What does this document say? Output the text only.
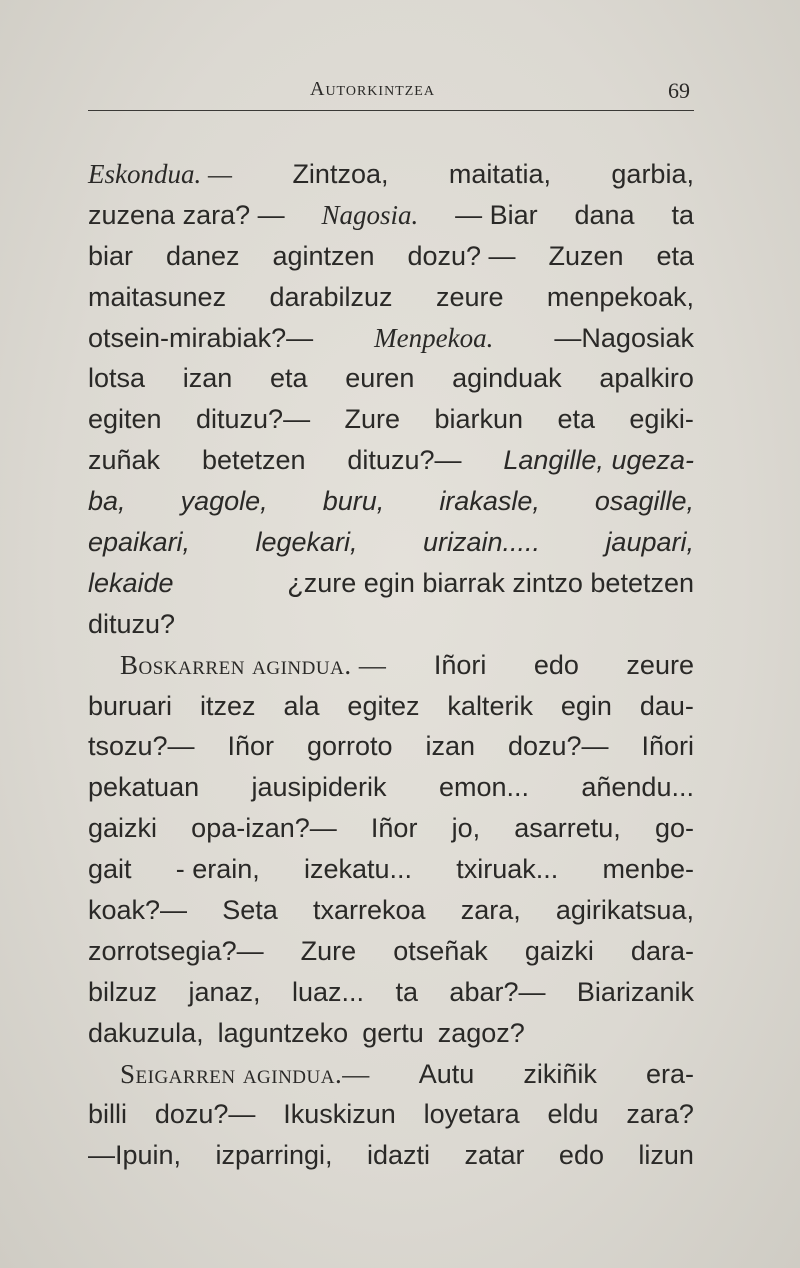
Autorkintzea	69
Eskondua. — Zintzoa, maitatia, garbia,
zuzena zara? — Nagosia. — Biar dana ta
biar danez agintzen dozu? — Zuzen eta
maitasunez darabilzuz zeure menpekoak,
otsein-mirabiak?— Menpekoa. —Nagosiak
lotsa izan eta euren aginduak apalkiro
egiten dituzu?— Zure biarkun eta egiki-
zuñak betetzen dituzu?— Langille, ugeza-
ba, yagole, buru, irakasle, osagille,
epaikari, legekari, urizain..... jaupari,
lekaide	¿zure egin biarrak zintzo betetzen
dituzu?
Boskarren aginduа. — Iñori edo zeure
buruari itzez ala egitez kalterik egin dau-
tsozu?— Iñor gorroto izan dozu?— Iñori
pekatuan jausipiderik emon... añendu...
gaizki opa-izan?— Iñor jo, asarretu, go-
gait - erain, izekatu... txiruak... menbe-
koak?— Seta txarrekoa zara, agirikatsua,
zorrotsegia?— Zure otseñak gaizki dara-
bilzuz janaz, luaz... ta abar?— Biarizanik
dakuzula, laguntzeko gertu zagoz?
Seigarren aginduа.— Autu zikiñik era-
billi dozu?— Ikuskizun loyetara eldu zara?
—Ipuin, izparringi, idazti zatar edo lizun
